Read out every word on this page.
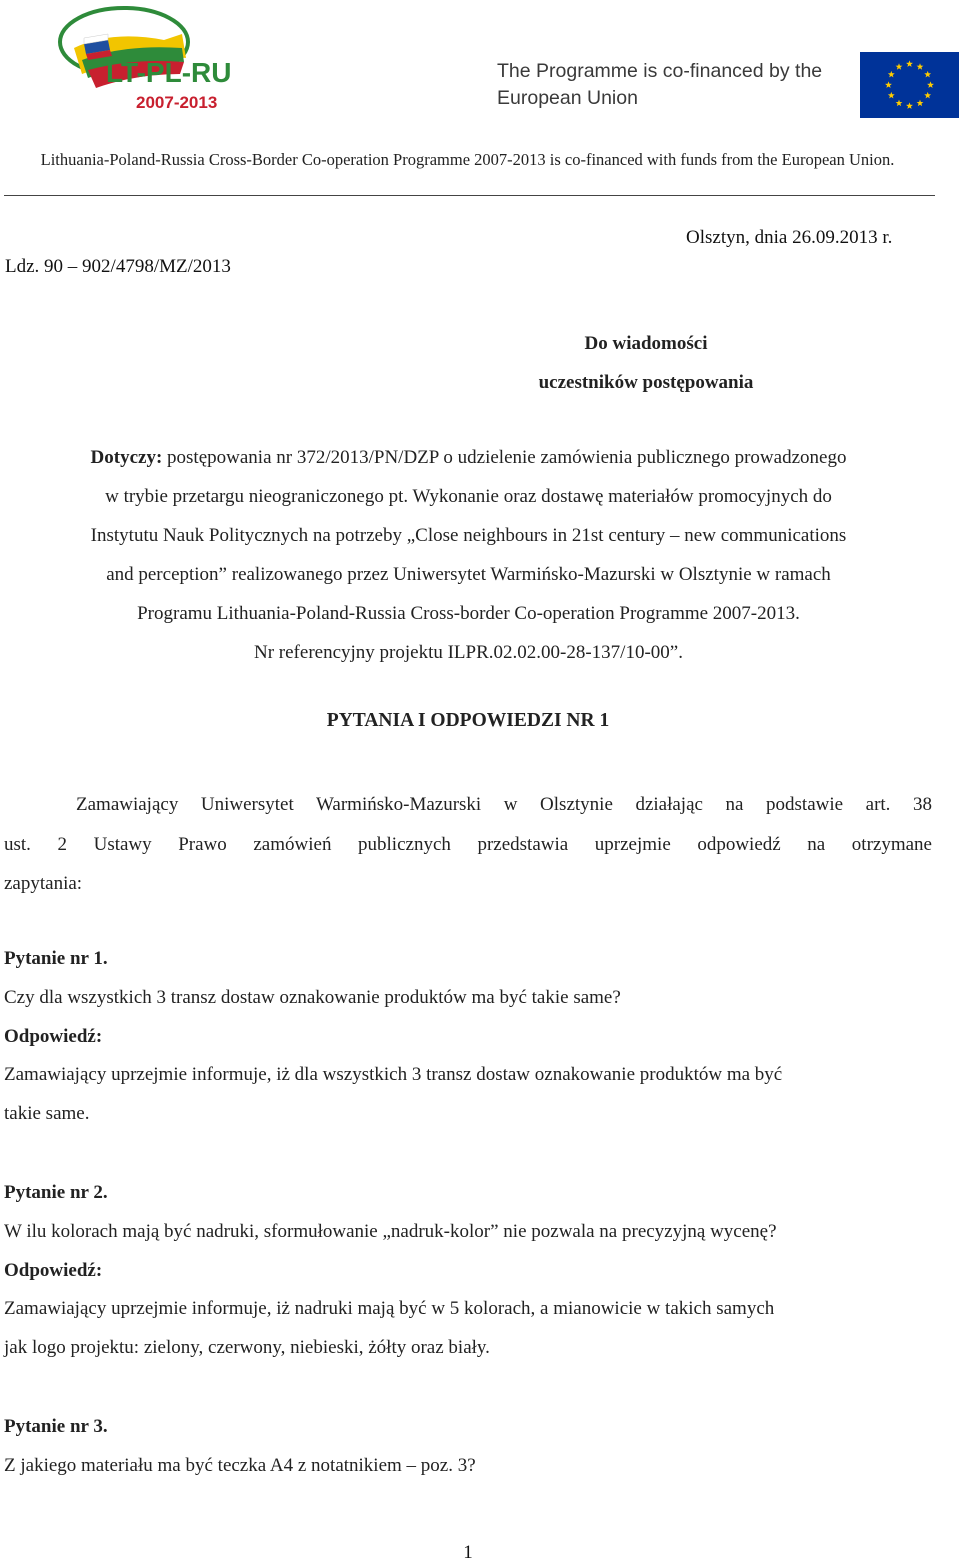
LT-PL-RU
2007-2013
The Programme is co-financed by the
European Union
Lithuania-Poland-Russia Cross-Border Co-operation Programme 2007-2013 is co-financed with funds from the European Union.
Olsztyn, dnia 26.09.2013 r.
Ldz. 90 – 902/4798/MZ/2013
Do wiadomości
uczestników postępowania
Dotyczy: postępowania nr 372/2013/PN/DZP o udzielenie zamówienia publicznego prowadzonego
w trybie przetargu nieograniczonego pt. Wykonanie oraz dostawę materiałów promocyjnych do
Instytutu Nauk Politycznych na potrzeby „Close neighbours in 21st century – new communications
and perception” realizowanego przez Uniwersytet Warmińsko-Mazurski w Olsztynie w ramach
Programu Lithuania-Poland-Russia Cross-border Co-operation Programme 2007-2013.
Nr referencyjny projektu ILPR.02.02.00-28-137/10-00”.
PYTANIA I ODPOWIEDZI NR 1
Zamawiający Uniwersytet Warmińsko-Mazurski w Olsztynie działając na podstawie art. 38
ust. 2 Ustawy Prawo zamówień publicznych przedstawia uprzejmie odpowiedź na otrzymane
zapytania:
Pytanie nr 1.
Czy dla wszystkich 3 transz dostaw oznakowanie produktów ma być takie same?
Odpowiedź:
Zamawiający uprzejmie informuje, iż dla wszystkich 3 transz dostaw oznakowanie produktów ma być
takie same.
Pytanie nr 2.
W ilu kolorach mają być nadruki, sformułowanie „nadruk-kolor” nie pozwala na precyzyjną wycenę?
Odpowiedź:
Zamawiający uprzejmie informuje, iż nadruki mają być w 5 kolorach, a mianowicie w takich samych
jak logo projektu: zielony, czerwony, niebieski, żółty oraz biały.
Pytanie nr 3.
Z jakiego materiału ma być teczka A4 z notatnikiem – poz. 3?
1
